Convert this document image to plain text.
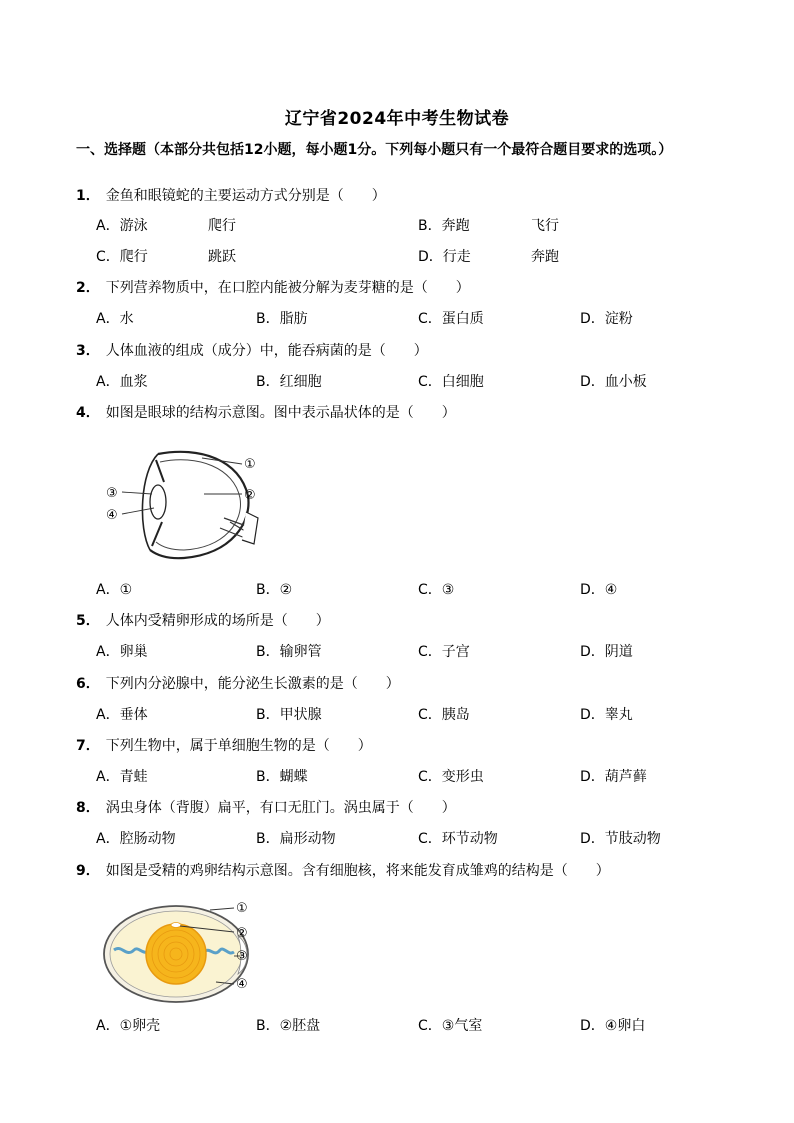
辽宁省2024年中考生物试卷
一、选择题（本部分共包括12小题，每小题1分。下列每小题只有一个最符合题目要求的选项。）
1． 金鱼和眼镜蛇的主要运动方式分别是（　　）
A．游泳	爬行	B．奔跑	飞行
C．爬行	跳跃	D．行走	奔跑
2． 下列营养物质中，在口腔内能被分解为麦芽糖的是（　　）
A．水	B．脂肪	C．蛋白质	D．淀粉
3． 人体血液的组成（成分）中，能吞病菌的是（　　）
A．血浆	B．红细胞	C．白细胞	D．血小板
4． 如图是眼球的结构示意图。图中表示晶状体的是（　　）
①
②
③
④
A．①	B．②	C．③	D．④
5． 人体内受精卵形成的场所是（　　）
A．卵巢	B．输卵管	C．子宫	D．阴道
6． 下列内分泌腺中，能分泌生长激素的是（　　）
A．垂体	B．甲状腺	C．胰岛	D．睾丸
7． 下列生物中，属于单细胞生物的是（　　）
A．青蛙	B．蝴蝶	C．变形虫	D．葫芦藓
8． 涡虫身体（背腹）扁平，有口无肛门。涡虫属于（　　）
A．腔肠动物	B．扁形动物	C．环节动物	D．节肢动物
9． 如图是受精的鸡卵结构示意图。含有细胞核，将来能发育成雏鸡的结构是（　　）
①
②
③
④
A．①卵壳	B．②胚盘	C．③气室	D．④卵白
